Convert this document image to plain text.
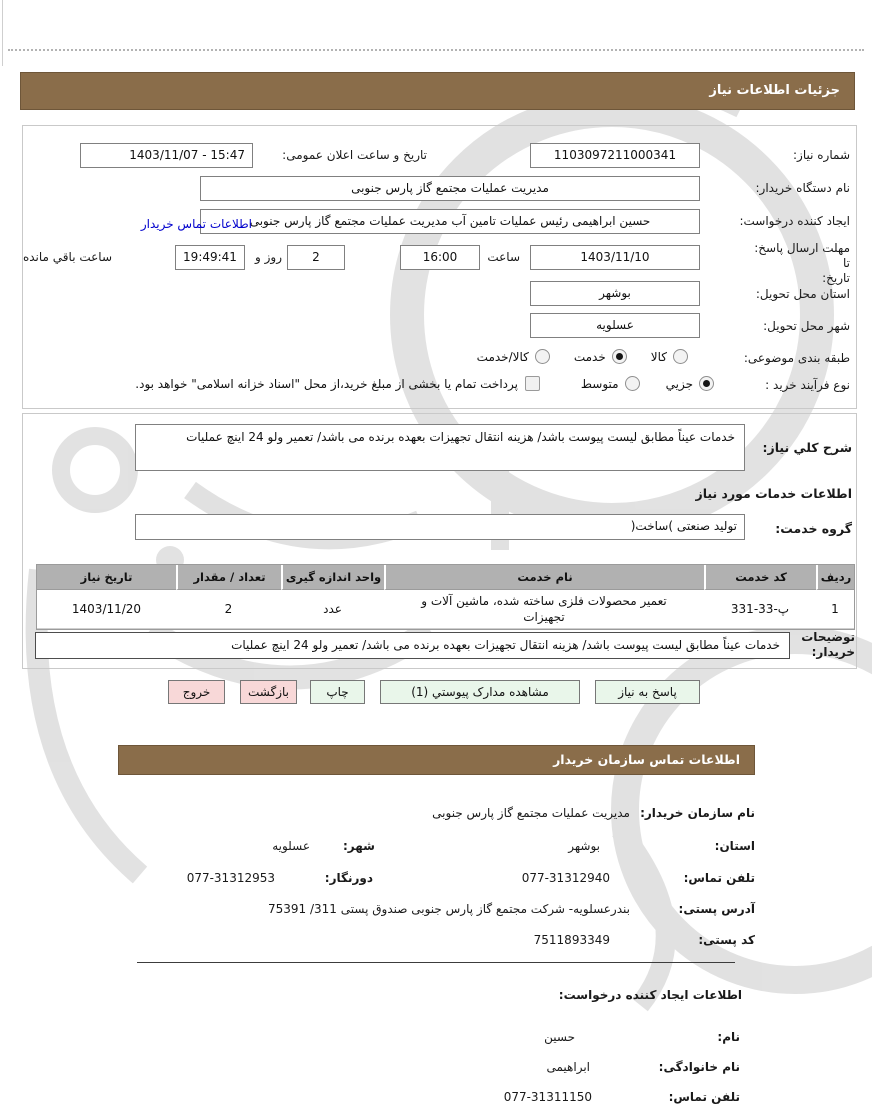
جزئیات اطلاعات نیاز
شماره نیاز:
1103097211000341
تاریخ و ساعت اعلان عمومی:
1403/11/07 - 15:47
نام دستگاه خریدار:
مدیریت عملیات مجتمع گاز پارس جنوبی
ایجاد کننده درخواست:
حسین ابراهیمی رئیس عملیات تامین آب مدیریت عملیات مجتمع گاز پارس جنوبی
اطلاعات تماس خریدار
مهلت ارسال پاسخ: تا
تاریخ:
1403/11/10
ساعت
16:00
2
روز و
19:49:41
ساعت باقي مانده
استان محل تحویل:
بوشهر
شهر محل تحویل:
عسلویه
طبقه بندی موضوعی:
کالا
خدمت
کالا/خدمت
نوع فرآیند خرید :
جزیي
متوسط
پرداخت تمام یا بخشی از مبلغ خرید،از محل "اسناد خزانه اسلامی" خواهد بود.
شرح كلي نياز:
خدمات عیناً مطابق لیست پیوست باشد/ هزینه انتقال تجهیزات بعهده برنده می باشد/ تعمیر ولو 24 اینچ عملیات
اطلاعات خدمات مورد نیاز
گروه خدمت:
تولید صنعتی )ساخت(
ردیف	کد خدمت	نام خدمت	واحد اندازه گیری	تعداد / مقدار	تاریخ نیاز
1	پ-33-331	تعمیر محصولات فلزی ساخته شده، ماشین آلات و تجهیزات	عدد	2	1403/11/20
توضیحات
خریدار:
خدمات عیناً مطابق لیست پیوست باشد/ هزینه انتقال تجهیزات بعهده برنده می باشد/ تعمیر ولو 24 اینچ عملیات
پاسخ به نیاز
مشاهده مدارک پیوستي (1)
چاپ
بازگشت
خروج
اطلاعات تماس سازمان خریدار
نام سازمان خریدار:
مدیریت عملیات مجتمع گاز پارس جنوبی
استان:
بوشهر
شهر:
عسلویه
تلفن تماس:
077-31312940
دورنگار:
077-31312953
آدرس پستی:
بندرعسلویه- شرکت مجتمع گاز پارس جنوبی صندوق پستی 311/ 75391
کد پستی:
7511893349
اطلاعات ایجاد کننده درخواست:
نام:
حسین
نام خانوادگی:
ابراهیمی
تلفن تماس:
077-31311150
